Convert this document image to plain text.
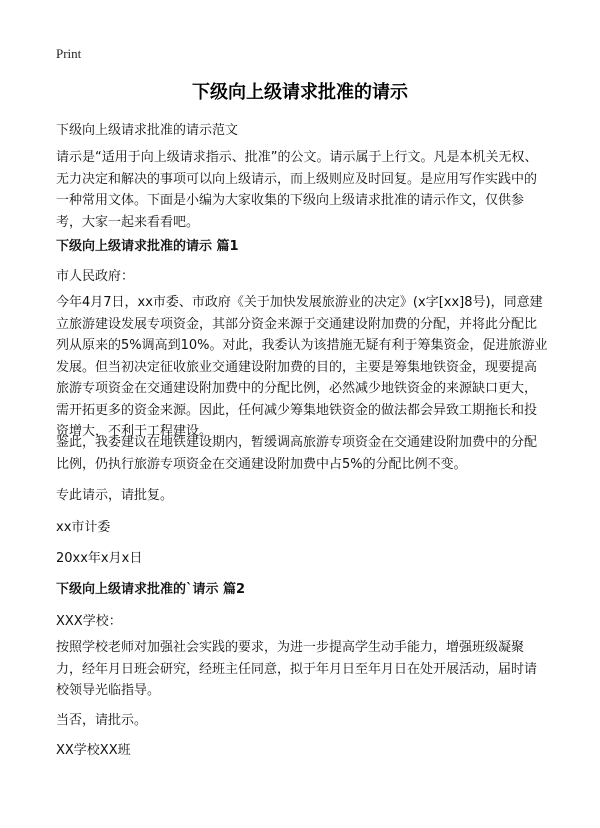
Print
下级向上级请求批准的请示
下级向上级请求批准的请示范文

请示是“适用于向上级请求指示、批准”的公文。请示属于上行文。凡是本机关无权、无力决定和解决的事项可以向上级请示，而上级则应及时回复。是应用写作实践中的一种常用文体。下面是小编为大家收集的下级向上级请求批准的请示作文，仅供参考，大家一起来看看吧。

下级向上级请求批准的请示 篇1
市人民政府：

今年4月7日，xx市委、市政府《关于加快发展旅游业的决定》(x字[xx]8号)，同意建立旅游建设发展专项资金，其部分资金来源于交通建设附加费的分配，并将此分配比列从原来的5%调高到10%。对此，我委认为该措施无疑有利于筹集资金，促进旅游业发展。但当初决定征收旅业交通建设附加费的目的，主要是筹集地铁资金，现要提高旅游专项资金在交通建设附加费中的分配比例，必然减少地铁资金的来源缺口更大，需开拓更多的资金来源。因此，任何减少筹集地铁资金的做法都会异致工期拖长和投资增大，不利于工程建设。

鉴此，我委建议在地铁建设期内，暂缓调高旅游专项资金在交通建设附加费中的分配比例，仍执行旅游专项资金在交通建设附加费中占5%的分配比例不变。

专此请示，请批复。
xx市计委
20xx年x月x日
下级向上级请求批准的`请示 篇2
XXX学校：

按照学校老师对加强社会实践的要求，为进一步提高学生动手能力，增强班级凝聚力，经年月日班会研究，经班主任同意，拟于年月日至年月日在处开展活动，届时请校领导光临指导。

当否，请批示。
XX学校XX班
